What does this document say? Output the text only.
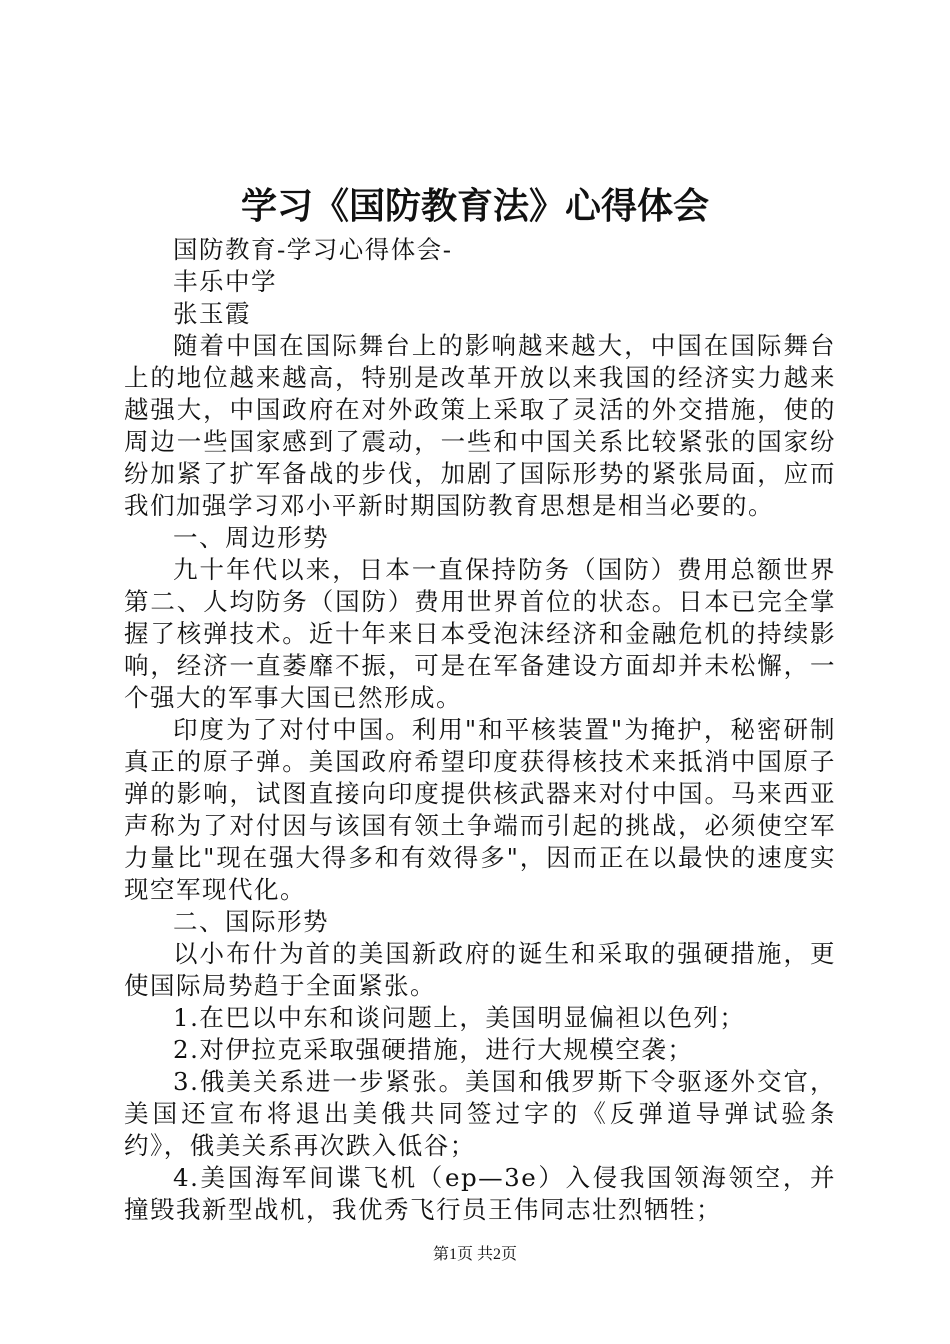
学习《国防教育法》心得体会

国防教育-学习心得体会-

丰乐中学

张玉霞

随着中国在国际舞台上的影响越来越大，中国在国际舞台上的地位越来越高，特别是改革开放以来我国的经济实力越来越强大，中国政府在对外政策上采取了灵活的外交措施，使的周边一些国家感到了震动，一些和中国关系比较紧张的国家纷纷加紧了扩军备战的步伐，加剧了国际形势的紧张局面，应而我们加强学习邓小平新时期国防教育思想是相当必要的。

一、周边形势

九十年代以来，日本一直保持防务（国防）费用总额世界第二、人均防务（国防）费用世界首位的状态。日本已完全掌握了核弹技术。近十年来日本受泡沫经济和金融危机的持续影响，经济一直萎靡不振，可是在军备建设方面却并未松懈，一个强大的军事大国已然形成。

印度为了对付中国。利用"和平核装置"为掩护，秘密研制真正的原子弹。美国政府希望印度获得核技术来抵消中国原子弹的影响，试图直接向印度提供核武器来对付中国。马来西亚声称为了对付因与该国有领土争端而引起的挑战，必须使空军力量比"现在强大得多和有效得多"，因而正在以最快的速度实现空军现代化。

二、国际形势

以小布什为首的美国新政府的诞生和采取的强硬措施，更使国际局势趋于全面紧张。

1.在巴以中东和谈问题上，美国明显偏袒以色列；

2.对伊拉克采取强硬措施，进行大规模空袭；

3.俄美关系进一步紧张。美国和俄罗斯下令驱逐外交官，美国还宣布将退出美俄共同签过字的《反弹道导弹试验条约》，俄美关系再次跌入低谷；

4.美国海军间谍飞机（ep—3e）入侵我国领海领空，并撞毁我新型战机，我优秀飞行员王伟同志壮烈牺牲；

第1页 共2页
